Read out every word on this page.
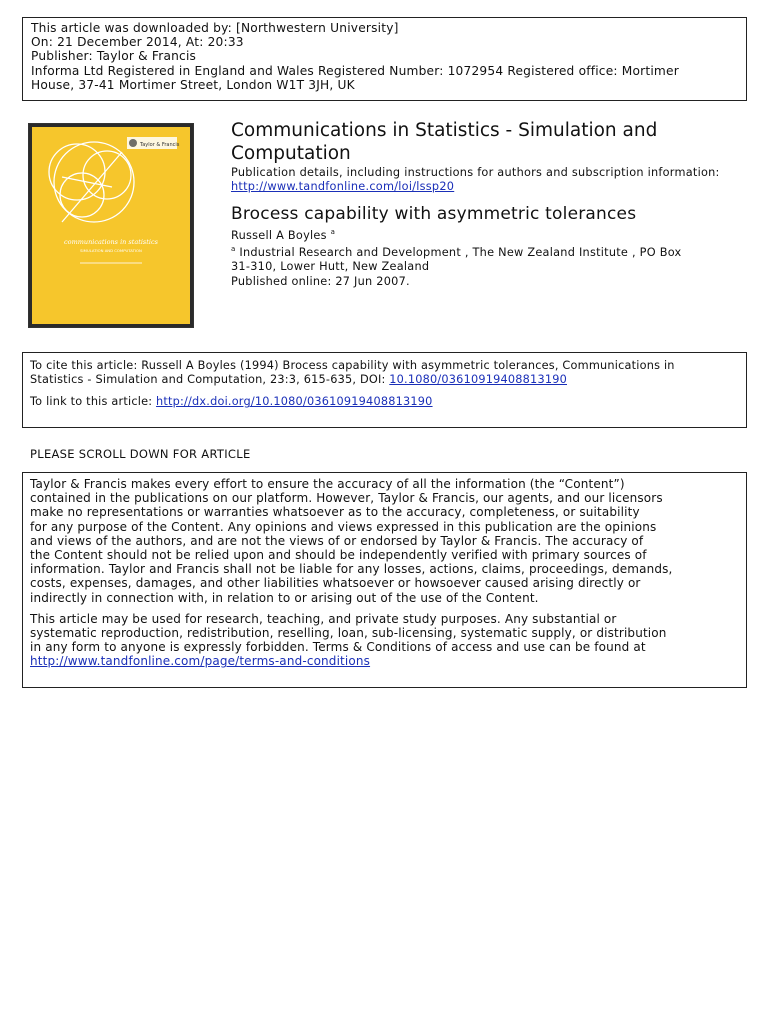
This article was downloaded by: [Northwestern University]
On: 21 December 2014, At: 20:33
Publisher: Taylor & Francis
Informa Ltd Registered in England and Wales Registered Number: 1072954 Registered office: Mortimer
House, 37-41 Mortimer Street, London W1T 3JH, UK
Taylor & Francis
communications in statistics
SIMULATION AND COMPUTATION
Communications in Statistics - Simulation and
Computation
Publication details, including instructions for authors and subscription information:
http://www.tandfonline.com/loi/lssp20
Brocess capability with asymmetric tolerances
Russell A Boyles $^a$
$^a$ Industrial Research and Development , The New Zealand Institute , PO Box
31-310, Lower Hutt, New Zealand
Published online: 27 Jun 2007.
To cite this article: Russell A Boyles (1994) Brocess capability with asymmetric tolerances, Communications in
Statistics - Simulation and Computation, 23:3, 615-635, DOI: 10.1080/03610919408813190
To link to this article: http://dx.doi.org/10.1080/03610919408813190
PLEASE SCROLL DOWN FOR ARTICLE
Taylor & Francis makes every effort to ensure the accuracy of all the information (the “Content”)
contained in the publications on our platform. However, Taylor & Francis, our agents, and our licensors
make no representations or warranties whatsoever as to the accuracy, completeness, or suitability
for any purpose of the Content. Any opinions and views expressed in this publication are the opinions
and views of the authors, and are not the views of or endorsed by Taylor & Francis. The accuracy of
the Content should not be relied upon and should be independently verified with primary sources of
information. Taylor and Francis shall not be liable for any losses, actions, claims, proceedings, demands,
costs, expenses, damages, and other liabilities whatsoever or howsoever caused arising directly or
indirectly in connection with, in relation to or arising out of the use of the Content.
This article may be used for research, teaching, and private study purposes. Any substantial or
systematic reproduction, redistribution, reselling, loan, sub-licensing, systematic supply, or distribution
in any form to anyone is expressly forbidden. Terms & Conditions of access and use can be found at
http://www.tandfonline.com/page/terms-and-conditions
